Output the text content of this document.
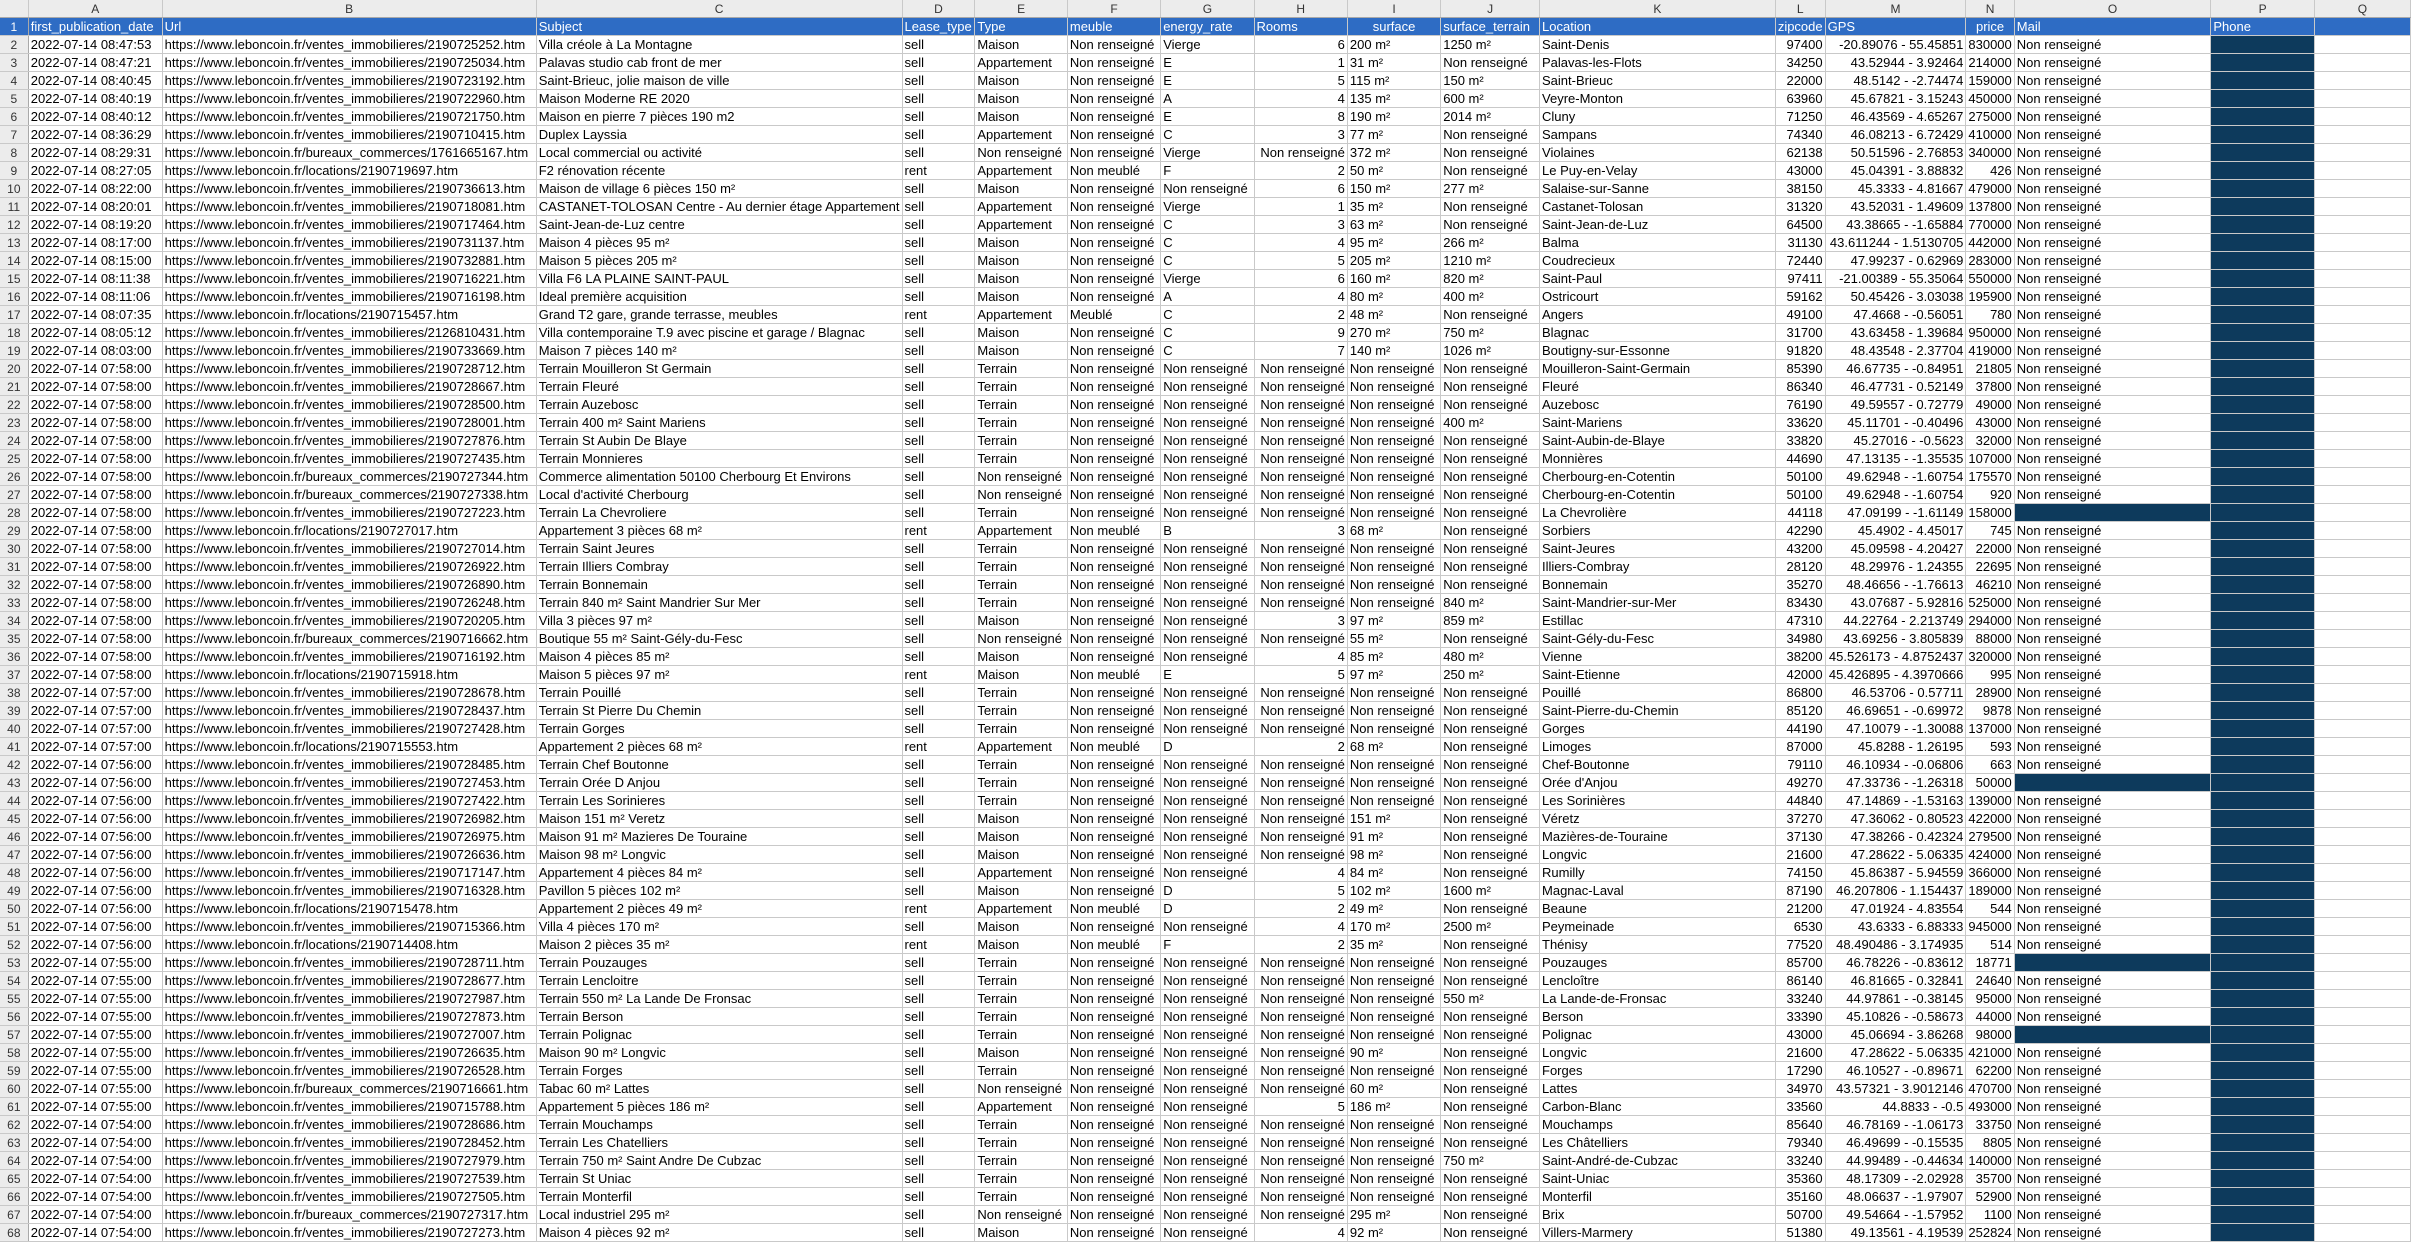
	A	B	C	D	E	F	G	H	I	J	K	L	M	N	O	P	Q
1	first_publication_date	Url	Subject	Lease_type	Type	meuble	energy_rate	Rooms	surface	surface_terrain	Location	zipcode	GPS	price	Mail	Phone	
2	2022-07-14 08:47:53	https://www.leboncoin.fr/ventes_immobilieres/2190725252.htm	Villa créole à La Montagne	sell	Maison	Non renseigné	Vierge	6	200 m²	1250 m²	Saint-Denis	97400	-20.89076 - 55.45851	830000	Non renseigné		
3	2022-07-14 08:47:21	https://www.leboncoin.fr/ventes_immobilieres/2190725034.htm	Palavas studio cab front de mer	sell	Appartement	Non renseigné	E	1	31 m²	Non renseigné	Palavas-les-Flots	34250	43.52944 - 3.92464	214000	Non renseigné		
4	2022-07-14 08:40:45	https://www.leboncoin.fr/ventes_immobilieres/2190723192.htm	Saint-Brieuc, jolie maison de ville	sell	Maison	Non renseigné	E	5	115 m²	150 m²	Saint-Brieuc	22000	48.5142 - -2.74474	159000	Non renseigné		
5	2022-07-14 08:40:19	https://www.leboncoin.fr/ventes_immobilieres/2190722960.htm	Maison Moderne RE 2020	sell	Maison	Non renseigné	A	4	135 m²	600 m²	Veyre-Monton	63960	45.67821 - 3.15243	450000	Non renseigné		
6	2022-07-14 08:40:12	https://www.leboncoin.fr/ventes_immobilieres/2190721750.htm	Maison en pierre 7 pièces 190 m2	sell	Maison	Non renseigné	E	8	190 m²	2014 m²	Cluny	71250	46.43569 - 4.65267	275000	Non renseigné		
7	2022-07-14 08:36:29	https://www.leboncoin.fr/ventes_immobilieres/2190710415.htm	Duplex Layssia	sell	Appartement	Non renseigné	C	3	77 m²	Non renseigné	Sampans	74340	46.08213 - 6.72429	410000	Non renseigné		
8	2022-07-14 08:29:31	https://www.leboncoin.fr/bureaux_commerces/1761665167.htm	Local commercial ou activité	sell	Non renseigné	Non renseigné	Vierge	Non renseigné	372 m²	Non renseigné	Violaines	62138	50.51596 - 2.76853	340000	Non renseigné		
9	2022-07-14 08:27:05	https://www.leboncoin.fr/locations/2190719697.htm	F2 rénovation récente	rent	Appartement	Non meublé	F	2	50 m²	Non renseigné	Le Puy-en-Velay	43000	45.04391 - 3.88832	426	Non renseigné		
10	2022-07-14 08:22:00	https://www.leboncoin.fr/ventes_immobilieres/2190736613.htm	Maison de village 6 pièces 150 m²	sell	Maison	Non renseigné	Non renseigné	6	150 m²	277 m²	Salaise-sur-Sanne	38150	45.3333 - 4.81667	479000	Non renseigné		
11	2022-07-14 08:20:01	https://www.leboncoin.fr/ventes_immobilieres/2190718081.htm	CASTANET-TOLOSAN Centre - Au dernier étage Appartement	sell	Appartement	Non renseigné	Vierge	1	35 m²	Non renseigné	Castanet-Tolosan	31320	43.52031 - 1.49609	137800	Non renseigné		
12	2022-07-14 08:19:20	https://www.leboncoin.fr/ventes_immobilieres/2190717464.htm	Saint-Jean-de-Luz centre	sell	Appartement	Non renseigné	C	3	63 m²	Non renseigné	Saint-Jean-de-Luz	64500	43.38665 - -1.65884	770000	Non renseigné		
13	2022-07-14 08:17:00	https://www.leboncoin.fr/ventes_immobilieres/2190731137.htm	Maison 4 pièces 95 m²	sell	Maison	Non renseigné	C	4	95 m²	266 m²	Balma	31130	43.611244 - 1.5130705	442000	Non renseigné		
14	2022-07-14 08:15:00	https://www.leboncoin.fr/ventes_immobilieres/2190732881.htm	Maison 5 pièces 205 m²	sell	Maison	Non renseigné	C	5	205 m²	1210 m²	Coudrecieux	72440	47.99237 - 0.62969	283000	Non renseigné		
15	2022-07-14 08:11:38	https://www.leboncoin.fr/ventes_immobilieres/2190716221.htm	Villa F6 LA PLAINE SAINT-PAUL	sell	Maison	Non renseigné	Vierge	6	160 m²	820 m²	Saint-Paul	97411	-21.00389 - 55.35064	550000	Non renseigné		
16	2022-07-14 08:11:06	https://www.leboncoin.fr/ventes_immobilieres/2190716198.htm	Ideal première acquisition	sell	Maison	Non renseigné	A	4	80 m²	400 m²	Ostricourt	59162	50.45426 - 3.03038	195900	Non renseigné		
17	2022-07-14 08:07:35	https://www.leboncoin.fr/locations/2190715457.htm	Grand T2 gare, grande terrasse, meubles	rent	Appartement	Meublé	C	2	48 m²	Non renseigné	Angers	49100	47.4668 - -0.56051	780	Non renseigné		
18	2022-07-14 08:05:12	https://www.leboncoin.fr/ventes_immobilieres/2126810431.htm	Villa contemporaine T.9 avec piscine et garage / Blagnac	sell	Maison	Non renseigné	C	9	270 m²	750 m²	Blagnac	31700	43.63458 - 1.39684	950000	Non renseigné		
19	2022-07-14 08:03:00	https://www.leboncoin.fr/ventes_immobilieres/2190733669.htm	Maison 7 pièces 140 m²	sell	Maison	Non renseigné	C	7	140 m²	1026 m²	Boutigny-sur-Essonne	91820	48.43548 - 2.37704	419000	Non renseigné		
20	2022-07-14 07:58:00	https://www.leboncoin.fr/ventes_immobilieres/2190728712.htm	Terrain Mouilleron St Germain	sell	Terrain	Non renseigné	Non renseigné	Non renseigné	Non renseigné	Non renseigné	Mouilleron-Saint-Germain	85390	46.67735 - -0.84951	21805	Non renseigné		
21	2022-07-14 07:58:00	https://www.leboncoin.fr/ventes_immobilieres/2190728667.htm	Terrain Fleuré	sell	Terrain	Non renseigné	Non renseigné	Non renseigné	Non renseigné	Non renseigné	Fleuré	86340	46.47731 - 0.52149	37800	Non renseigné		
22	2022-07-14 07:58:00	https://www.leboncoin.fr/ventes_immobilieres/2190728500.htm	Terrain Auzebosc	sell	Terrain	Non renseigné	Non renseigné	Non renseigné	Non renseigné	Non renseigné	Auzebosc	76190	49.59557 - 0.72779	49000	Non renseigné		
23	2022-07-14 07:58:00	https://www.leboncoin.fr/ventes_immobilieres/2190728001.htm	Terrain 400 m² Saint Mariens	sell	Terrain	Non renseigné	Non renseigné	Non renseigné	Non renseigné	400 m²	Saint-Mariens	33620	45.11701 - -0.40496	43000	Non renseigné		
24	2022-07-14 07:58:00	https://www.leboncoin.fr/ventes_immobilieres/2190727876.htm	Terrain St Aubin De Blaye	sell	Terrain	Non renseigné	Non renseigné	Non renseigné	Non renseigné	Non renseigné	Saint-Aubin-de-Blaye	33820	45.27016 - -0.5623	32000	Non renseigné		
25	2022-07-14 07:58:00	https://www.leboncoin.fr/ventes_immobilieres/2190727435.htm	Terrain Monnieres	sell	Terrain	Non renseigné	Non renseigné	Non renseigné	Non renseigné	Non renseigné	Monnières	44690	47.13135 - -1.35535	107000	Non renseigné		
26	2022-07-14 07:58:00	https://www.leboncoin.fr/bureaux_commerces/2190727344.htm	Commerce alimentation 50100 Cherbourg Et Environs	sell	Non renseigné	Non renseigné	Non renseigné	Non renseigné	Non renseigné	Non renseigné	Cherbourg-en-Cotentin	50100	49.62948 - -1.60754	175570	Non renseigné		
27	2022-07-14 07:58:00	https://www.leboncoin.fr/bureaux_commerces/2190727338.htm	Local d'activité Cherbourg	sell	Non renseigné	Non renseigné	Non renseigné	Non renseigné	Non renseigné	Non renseigné	Cherbourg-en-Cotentin	50100	49.62948 - -1.60754	920	Non renseigné		
28	2022-07-14 07:58:00	https://www.leboncoin.fr/ventes_immobilieres/2190727223.htm	Terrain La Chevroliere	sell	Terrain	Non renseigné	Non renseigné	Non renseigné	Non renseigné	Non renseigné	La Chevrolière	44118	47.09199 - -1.61149	158000			
29	2022-07-14 07:58:00	https://www.leboncoin.fr/locations/2190727017.htm	Appartement 3 pièces 68 m²	rent	Appartement	Non meublé	B	3	68 m²	Non renseigné	Sorbiers	42290	45.4902 - 4.45017	745	Non renseigné		
30	2022-07-14 07:58:00	https://www.leboncoin.fr/ventes_immobilieres/2190727014.htm	Terrain Saint Jeures	sell	Terrain	Non renseigné	Non renseigné	Non renseigné	Non renseigné	Non renseigné	Saint-Jeures	43200	45.09598 - 4.20427	22000	Non renseigné		
31	2022-07-14 07:58:00	https://www.leboncoin.fr/ventes_immobilieres/2190726922.htm	Terrain Illiers Combray	sell	Terrain	Non renseigné	Non renseigné	Non renseigné	Non renseigné	Non renseigné	Illiers-Combray	28120	48.29976 - 1.24355	22695	Non renseigné		
32	2022-07-14 07:58:00	https://www.leboncoin.fr/ventes_immobilieres/2190726890.htm	Terrain Bonnemain	sell	Terrain	Non renseigné	Non renseigné	Non renseigné	Non renseigné	Non renseigné	Bonnemain	35270	48.46656 - -1.76613	46210	Non renseigné		
33	2022-07-14 07:58:00	https://www.leboncoin.fr/ventes_immobilieres/2190726248.htm	Terrain 840 m² Saint Mandrier Sur Mer	sell	Terrain	Non renseigné	Non renseigné	Non renseigné	Non renseigné	840 m²	Saint-Mandrier-sur-Mer	83430	43.07687 - 5.92816	525000	Non renseigné		
34	2022-07-14 07:58:00	https://www.leboncoin.fr/ventes_immobilieres/2190720205.htm	Villa 3 pièces 97 m²	sell	Maison	Non renseigné	Non renseigné	3	97 m²	859 m²	Estillac	47310	44.22764 - 2.213749	294000	Non renseigné		
35	2022-07-14 07:58:00	https://www.leboncoin.fr/bureaux_commerces/2190716662.htm	Boutique 55 m² Saint-Gély-du-Fesc	sell	Non renseigné	Non renseigné	Non renseigné	Non renseigné	55 m²	Non renseigné	Saint-Gély-du-Fesc	34980	43.69256 - 3.805839	88000	Non renseigné		
36	2022-07-14 07:58:00	https://www.leboncoin.fr/ventes_immobilieres/2190716192.htm	Maison 4 pièces 85 m²	sell	Maison	Non renseigné	Non renseigné	4	85 m²	480 m²	Vienne	38200	45.526173 - 4.8752437	320000	Non renseigné		
37	2022-07-14 07:58:00	https://www.leboncoin.fr/locations/2190715918.htm	Maison 5 pièces 97 m²	rent	Maison	Non meublé	E	5	97 m²	250 m²	Saint-Etienne	42000	45.426895 - 4.3970666	995	Non renseigné		
38	2022-07-14 07:57:00	https://www.leboncoin.fr/ventes_immobilieres/2190728678.htm	Terrain Pouillé	sell	Terrain	Non renseigné	Non renseigné	Non renseigné	Non renseigné	Non renseigné	Pouillé	86800	46.53706 - 0.57711	28900	Non renseigné		
39	2022-07-14 07:57:00	https://www.leboncoin.fr/ventes_immobilieres/2190728437.htm	Terrain St Pierre Du Chemin	sell	Terrain	Non renseigné	Non renseigné	Non renseigné	Non renseigné	Non renseigné	Saint-Pierre-du-Chemin	85120	46.69651 - -0.69972	9878	Non renseigné		
40	2022-07-14 07:57:00	https://www.leboncoin.fr/ventes_immobilieres/2190727428.htm	Terrain Gorges	sell	Terrain	Non renseigné	Non renseigné	Non renseigné	Non renseigné	Non renseigné	Gorges	44190	47.10079 - -1.30088	137000	Non renseigné		
41	2022-07-14 07:57:00	https://www.leboncoin.fr/locations/2190715553.htm	Appartement 2 pièces 68 m²	rent	Appartement	Non meublé	D	2	68 m²	Non renseigné	Limoges	87000	45.8288 - 1.26195	593	Non renseigné		
42	2022-07-14 07:56:00	https://www.leboncoin.fr/ventes_immobilieres/2190728485.htm	Terrain Chef Boutonne	sell	Terrain	Non renseigné	Non renseigné	Non renseigné	Non renseigné	Non renseigné	Chef-Boutonne	79110	46.10934 - -0.06806	663	Non renseigné		
43	2022-07-14 07:56:00	https://www.leboncoin.fr/ventes_immobilieres/2190727453.htm	Terrain Orée D Anjou	sell	Terrain	Non renseigné	Non renseigné	Non renseigné	Non renseigné	Non renseigné	Orée d'Anjou	49270	47.33736 - -1.26318	50000			
44	2022-07-14 07:56:00	https://www.leboncoin.fr/ventes_immobilieres/2190727422.htm	Terrain Les Sorinieres	sell	Terrain	Non renseigné	Non renseigné	Non renseigné	Non renseigné	Non renseigné	Les Sorinières	44840	47.14869 - -1.53163	139000	Non renseigné		
45	2022-07-14 07:56:00	https://www.leboncoin.fr/ventes_immobilieres/2190726982.htm	Maison 151 m² Veretz	sell	Maison	Non renseigné	Non renseigné	Non renseigné	151 m²	Non renseigné	Véretz	37270	47.36062 - 0.80523	422000	Non renseigné		
46	2022-07-14 07:56:00	https://www.leboncoin.fr/ventes_immobilieres/2190726975.htm	Maison 91 m² Mazieres De Touraine	sell	Maison	Non renseigné	Non renseigné	Non renseigné	91 m²	Non renseigné	Mazières-de-Touraine	37130	47.38266 - 0.42324	279500	Non renseigné		
47	2022-07-14 07:56:00	https://www.leboncoin.fr/ventes_immobilieres/2190726636.htm	Maison 98 m² Longvic	sell	Maison	Non renseigné	Non renseigné	Non renseigné	98 m²	Non renseigné	Longvic	21600	47.28622 - 5.06335	424000	Non renseigné		
48	2022-07-14 07:56:00	https://www.leboncoin.fr/ventes_immobilieres/2190717147.htm	Appartement 4 pièces 84 m²	sell	Appartement	Non renseigné	Non renseigné	4	84 m²	Non renseigné	Rumilly	74150	45.86387 - 5.94559	366000	Non renseigné		
49	2022-07-14 07:56:00	https://www.leboncoin.fr/ventes_immobilieres/2190716328.htm	Pavillon 5 pièces 102 m²	sell	Maison	Non renseigné	D	5	102 m²	1600 m²	Magnac-Laval	87190	46.207806 - 1.154437	189000	Non renseigné		
50	2022-07-14 07:56:00	https://www.leboncoin.fr/locations/2190715478.htm	Appartement 2 pièces 49 m²	rent	Appartement	Non meublé	D	2	49 m²	Non renseigné	Beaune	21200	47.01924 - 4.83554	544	Non renseigné		
51	2022-07-14 07:56:00	https://www.leboncoin.fr/ventes_immobilieres/2190715366.htm	Villa 4 pièces 170 m²	sell	Maison	Non renseigné	Non renseigné	4	170 m²	2500 m²	Peymeinade	6530	43.6333 - 6.88333	945000	Non renseigné		
52	2022-07-14 07:56:00	https://www.leboncoin.fr/locations/2190714408.htm	Maison 2 pièces 35 m²	rent	Maison	Non meublé	F	2	35 m²	Non renseigné	Thénisy	77520	48.490486 - 3.174935	514	Non renseigné		
53	2022-07-14 07:55:00	https://www.leboncoin.fr/ventes_immobilieres/2190728711.htm	Terrain Pouzauges	sell	Terrain	Non renseigné	Non renseigné	Non renseigné	Non renseigné	Non renseigné	Pouzauges	85700	46.78226 - -0.83612	18771			
54	2022-07-14 07:55:00	https://www.leboncoin.fr/ventes_immobilieres/2190728677.htm	Terrain Lencloitre	sell	Terrain	Non renseigné	Non renseigné	Non renseigné	Non renseigné	Non renseigné	Lencloître	86140	46.81665 - 0.32841	24640	Non renseigné		
55	2022-07-14 07:55:00	https://www.leboncoin.fr/ventes_immobilieres/2190727987.htm	Terrain 550 m² La Lande De Fronsac	sell	Terrain	Non renseigné	Non renseigné	Non renseigné	Non renseigné	550 m²	La Lande-de-Fronsac	33240	44.97861 - -0.38145	95000	Non renseigné		
56	2022-07-14 07:55:00	https://www.leboncoin.fr/ventes_immobilieres/2190727873.htm	Terrain Berson	sell	Terrain	Non renseigné	Non renseigné	Non renseigné	Non renseigné	Non renseigné	Berson	33390	45.10826 - -0.58673	44000	Non renseigné		
57	2022-07-14 07:55:00	https://www.leboncoin.fr/ventes_immobilieres/2190727007.htm	Terrain Polignac	sell	Terrain	Non renseigné	Non renseigné	Non renseigné	Non renseigné	Non renseigné	Polignac	43000	45.06694 - 3.86268	98000			
58	2022-07-14 07:55:00	https://www.leboncoin.fr/ventes_immobilieres/2190726635.htm	Maison 90 m² Longvic	sell	Maison	Non renseigné	Non renseigné	Non renseigné	90 m²	Non renseigné	Longvic	21600	47.28622 - 5.06335	421000	Non renseigné		
59	2022-07-14 07:55:00	https://www.leboncoin.fr/ventes_immobilieres/2190726528.htm	Terrain Forges	sell	Terrain	Non renseigné	Non renseigné	Non renseigné	Non renseigné	Non renseigné	Forges	17290	46.10527 - -0.89671	62200	Non renseigné		
60	2022-07-14 07:55:00	https://www.leboncoin.fr/bureaux_commerces/2190716661.htm	Tabac 60 m² Lattes	sell	Non renseigné	Non renseigné	Non renseigné	Non renseigné	60 m²	Non renseigné	Lattes	34970	43.57321 - 3.9012146	470700	Non renseigné		
61	2022-07-14 07:55:00	https://www.leboncoin.fr/ventes_immobilieres/2190715788.htm	Appartement 5 pièces 186 m²	sell	Appartement	Non renseigné	Non renseigné	5	186 m²	Non renseigné	Carbon-Blanc	33560	44.8833 - -0.5	493000	Non renseigné		
62	2022-07-14 07:54:00	https://www.leboncoin.fr/ventes_immobilieres/2190728686.htm	Terrain Mouchamps	sell	Terrain	Non renseigné	Non renseigné	Non renseigné	Non renseigné	Non renseigné	Mouchamps	85640	46.78169 - -1.06173	33750	Non renseigné		
63	2022-07-14 07:54:00	https://www.leboncoin.fr/ventes_immobilieres/2190728452.htm	Terrain Les Chatelliers	sell	Terrain	Non renseigné	Non renseigné	Non renseigné	Non renseigné	Non renseigné	Les Châtelliers	79340	46.49699 - -0.15535	8805	Non renseigné		
64	2022-07-14 07:54:00	https://www.leboncoin.fr/ventes_immobilieres/2190727979.htm	Terrain 750 m² Saint Andre De Cubzac	sell	Terrain	Non renseigné	Non renseigné	Non renseigné	Non renseigné	750 m²	Saint-André-de-Cubzac	33240	44.99489 - -0.44634	140000	Non renseigné		
65	2022-07-14 07:54:00	https://www.leboncoin.fr/ventes_immobilieres/2190727539.htm	Terrain St Uniac	sell	Terrain	Non renseigné	Non renseigné	Non renseigné	Non renseigné	Non renseigné	Saint-Uniac	35360	48.17309 - -2.02928	35700	Non renseigné		
66	2022-07-14 07:54:00	https://www.leboncoin.fr/ventes_immobilieres/2190727505.htm	Terrain Monterfil	sell	Terrain	Non renseigné	Non renseigné	Non renseigné	Non renseigné	Non renseigné	Monterfil	35160	48.06637 - -1.97907	52900	Non renseigné		
67	2022-07-14 07:54:00	https://www.leboncoin.fr/bureaux_commerces/2190727317.htm	Local industriel 295 m²	sell	Non renseigné	Non renseigné	Non renseigné	Non renseigné	295 m²	Non renseigné	Brix	50700	49.54664 - -1.57952	1100	Non renseigné		
68	2022-07-14 07:54:00	https://www.leboncoin.fr/ventes_immobilieres/2190727273.htm	Maison 4 pièces 92 m²	sell	Maison	Non renseigné	Non renseigné	4	92 m²	Non renseigné	Villers-Marmery	51380	49.13561 - 4.19539	252824	Non renseigné		
